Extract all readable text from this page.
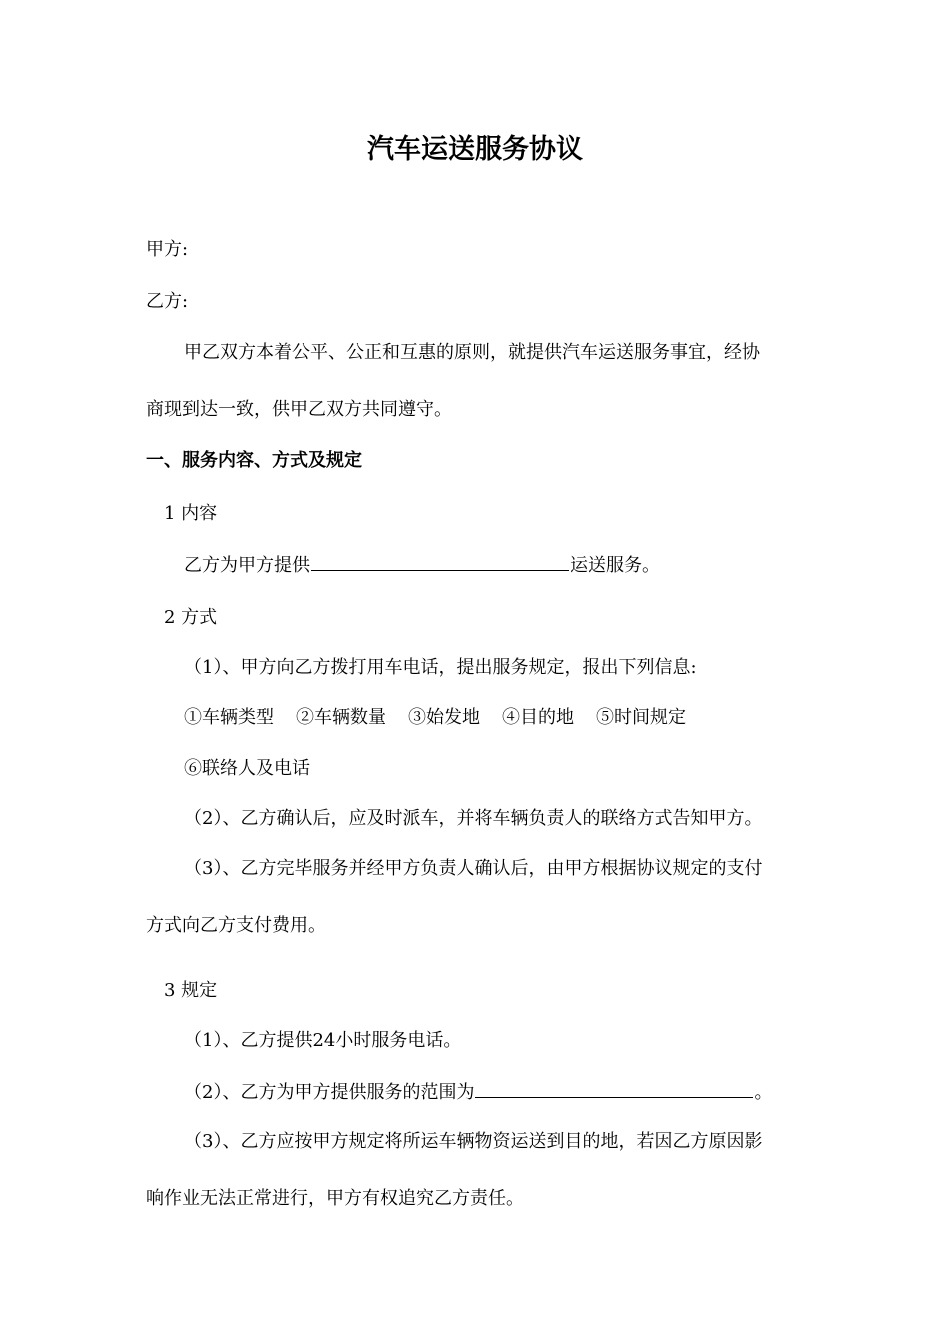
汽车运送服务协议
甲方:
乙方:
甲乙双方本着公平、公正和互惠的原则，就提供汽车运送服务事宜，经协
商现到达一致，供甲乙双方共同遵守。
一、服务内容、方式及规定
1 内容
乙方为甲方提供	运送服务。
2 方式
（1）、甲方向乙方拨打用车电话，提出服务规定，报出下列信息:
①车辆类型 ②车辆数量 ③始发地 ④目的地 ⑤时间规定
⑥联络人及电话
（2）、乙方确认后，应及时派车，并将车辆负责人的联络方式告知甲方。
（3）、乙方完毕服务并经甲方负责人确认后，由甲方根据协议规定的支付
方式向乙方支付费用。
3 规定
（1）、乙方提供24小时服务电话。
（2）、乙方为甲方提供服务的范围为	。
（3）、乙方应按甲方规定将所运车辆物资运送到目的地，若因乙方原因影
响作业无法正常进行，甲方有权追究乙方责任。
